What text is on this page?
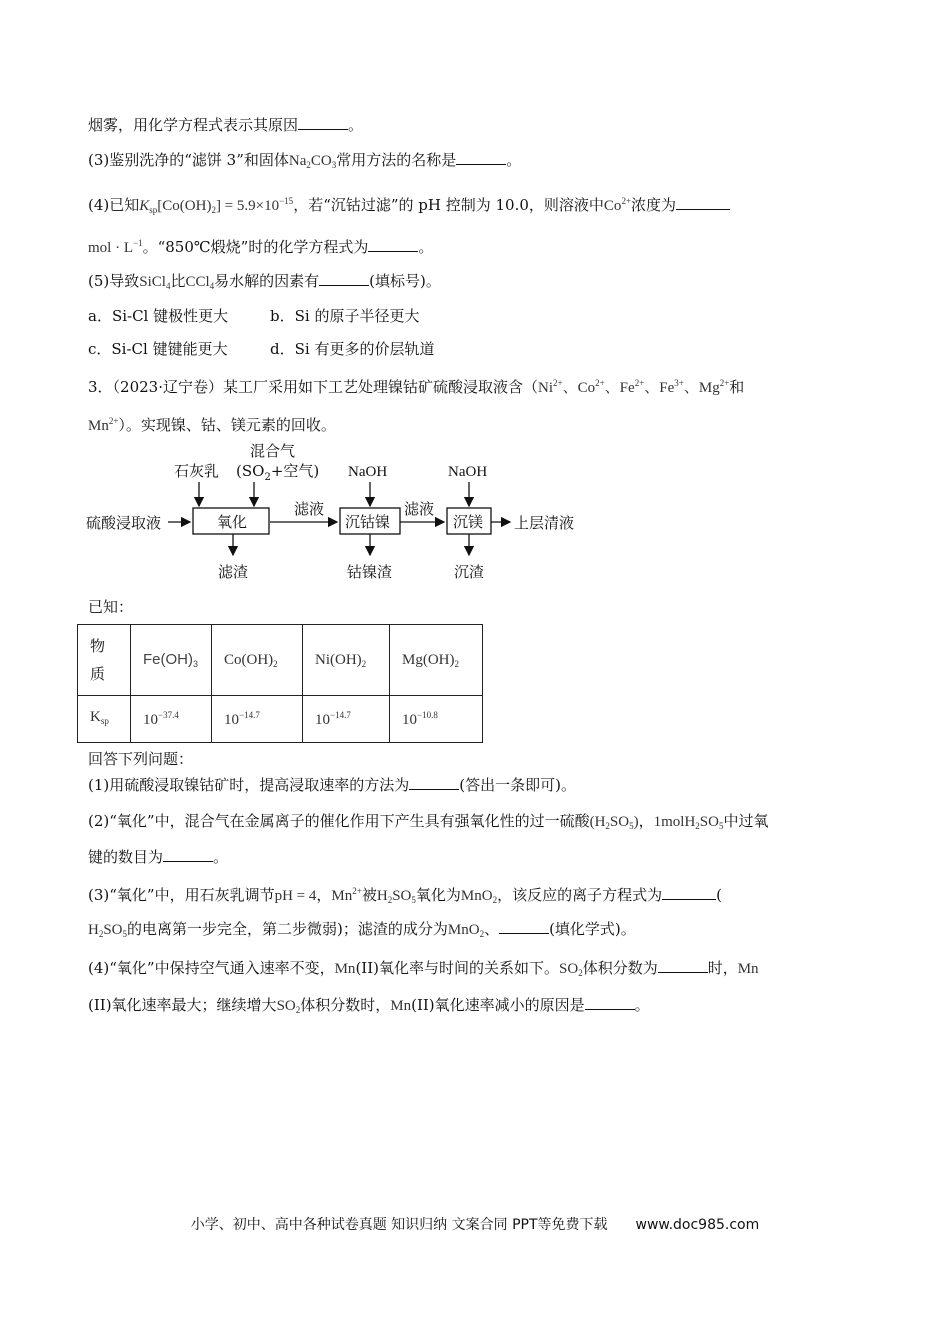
烟雾，用化学方程式表示其原因	。
(3)鉴别洗净的“滤饼 3”和固体$Na_2CO_3$常用方法的名称是	。
(4)已知$K_{sp}[Co(OH)_2] = 5.9\times 10^{-15}$，若“沉钴过滤”的 pH 控制为 10.0，则溶液中$Co^{2+}$浓度为
mol · $L^{-1}$。“850℃煅烧”时的化学方程式为	。
(5)导致SiCl$_4$比CCl$_4$易水解的因素有	(填标号)。
a．Si-Cl 键极性更大	b．Si 的原子半径更大
c．Si-Cl 键键能更大	d．Si 有更多的价层轨道
3．（2023·辽宁卷）某工厂采用如下工艺处理镍钴矿硫酸浸取液含（$Ni^{2+}$、$Co^{2+}$、$Fe^{2+}$、$Fe^{3+}$、$Mg^{2+}$和
$Mn^{2+}$）。实现镍、钴、镁元素的回收。
硫酸浸取液
石灰乳
混合气
($SO_2+$空气)
氧化
滤液
NaOH
沉钴镍
滤液
NaOH
沉镁 上层清液
滤渣	钴镍渣	沉渣
已知：
物
质	$Fe(OH)_3$	$Co(OH)_2$	$Ni(OH)_2$	$Mg(OH)_2$
$K_{sp}$	$10^{-37.4}$	$10^{-14.7}$	$10^{-14.7}$	$10^{-10.8}$
回答下列问题：
(1)用硫酸浸取镍钴矿时，提高浸取速率的方法为	(答出一条即可)。
(2)“氧化”中，混合气在金属离子的催化作用下产生具有强氧化性的过一硫酸$(H_2SO_5)$，$1molH_2SO_5$中过氧
键的数目为	。
(3)“氧化”中，用石灰乳调节pH = 4，$Mn^{2+}$被$H_2SO_5$氧化为MnO$_2$，该反应的离子方程式为	(
$H_2SO_5$的电离第一步完全，第二步微弱)；滤渣的成分为MnO$_2$、	(填化学式)。
(4)“氧化”中保持空气通入速率不变，Mn(II)氧化率与时间的关系如下。$SO_2$体积分数为	时，Mn
(II)氧化速率最大；继续增大$SO_2$体积分数时，Mn(II)氧化速率减小的原因是	。
小学、初中、高中各种试卷真题 知识归纳 文案合同 PPT等免费下载 www.doc985.com
